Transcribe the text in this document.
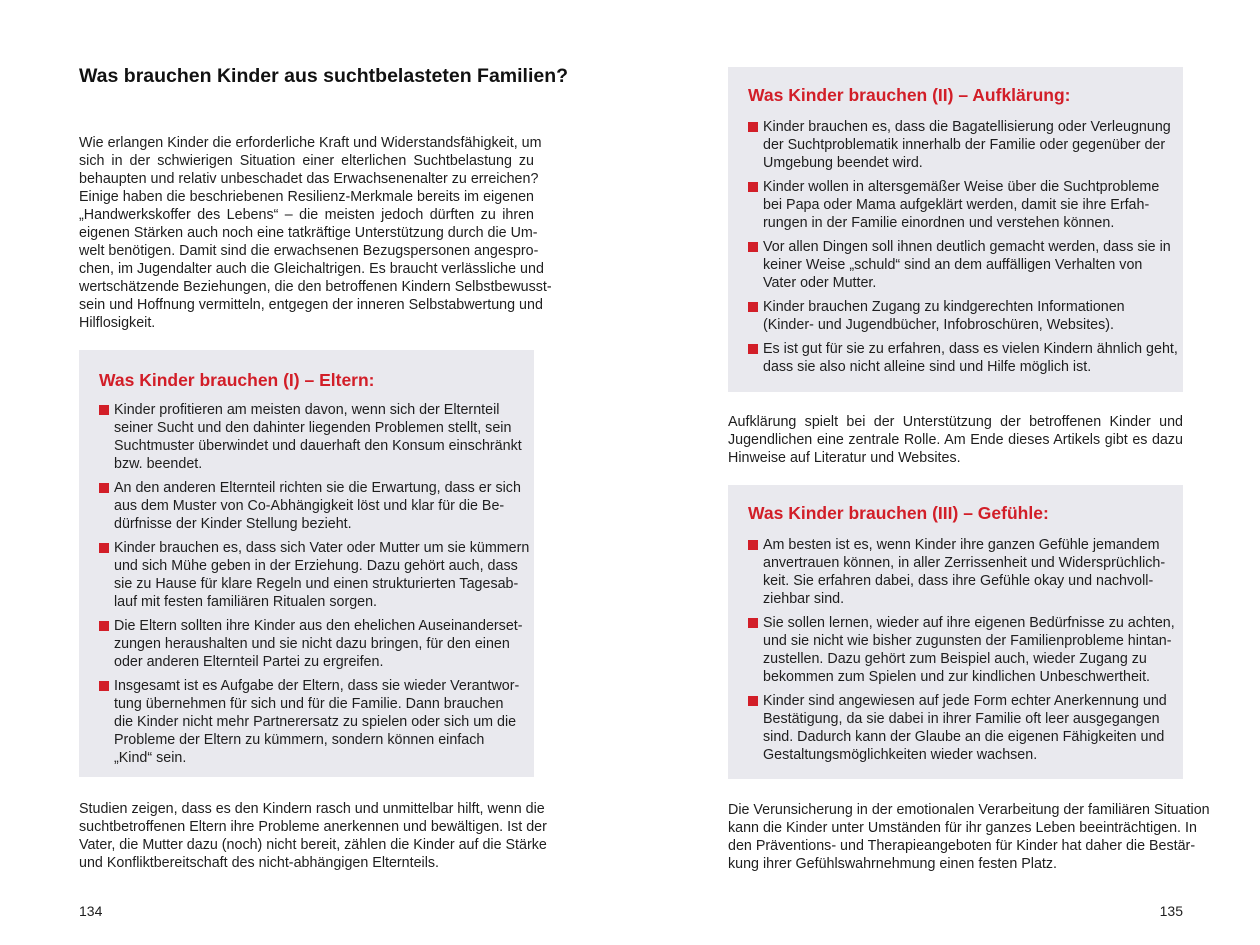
Was brauchen Kinder aus suchtbelasteten Familien?
Wie erlangen Kinder die erforderliche Kraft und Widerstandsfähigkeit, um
sich in der schwierigen Situation einer elterlichen Suchtbelastung zu
behaupten und relativ unbeschadet das Erwachsenenalter zu erreichen?
Einige haben die beschriebenen Resilienz-Merkmale bereits im eigenen
„Handwerkskoffer des Lebens“ – die meisten jedoch dürften zu ihren
eigenen Stärken auch noch eine tatkräftige Unterstützung durch die Um-
welt benötigen. Damit sind die erwachsenen Bezugspersonen angespro-
chen, im Jugendalter auch die Gleichaltrigen. Es braucht verlässliche und
wertschätzende Beziehungen, die den betroffenen Kindern Selbstbewusst-
sein und Hoffnung vermitteln, entgegen der inneren Selbstabwertung und
Hilflosigkeit.
Was Kinder brauchen (I) – Eltern:
Kinder profitieren am meisten davon, wenn sich der Elternteil
seiner Sucht und den dahinter liegenden Problemen stellt, sein
Suchtmuster überwindet und dauerhaft den Konsum einschränkt
bzw. beendet.
An den anderen Elternteil richten sie die Erwartung, dass er sich
aus dem Muster von Co-Abhängigkeit löst und klar für die Be-
dürfnisse der Kinder Stellung bezieht.
Kinder brauchen es, dass sich Vater oder Mutter um sie kümmern
und sich Mühe geben in der Erziehung. Dazu gehört auch, dass
sie zu Hause für klare Regeln und einen strukturierten Tagesab-
lauf mit festen familiären Ritualen sorgen.
Die Eltern sollten ihre Kinder aus den ehelichen Auseinanderset-
zungen heraushalten und sie nicht dazu bringen, für den einen
oder anderen Elternteil Partei zu ergreifen.
Insgesamt ist es Aufgabe der Eltern, dass sie wieder Verantwor-
tung übernehmen für sich und für die Familie. Dann brauchen
die Kinder nicht mehr Partnerersatz zu spielen oder sich um die
Probleme der Eltern zu kümmern, sondern können einfach
„Kind“ sein.
Studien zeigen, dass es den Kindern rasch und unmittelbar hilft, wenn die
suchtbetroffenen Eltern ihre Probleme anerkennen und bewältigen. Ist der
Vater, die Mutter dazu (noch) nicht bereit, zählen die Kinder auf die Stärke
und Konfliktbereitschaft des nicht-abhängigen Elternteils.
134
Was Kinder brauchen (II) – Aufklärung:
Kinder brauchen es, dass die Bagatellisierung oder Verleugnung
der Suchtproblematik innerhalb der Familie oder gegenüber der
Umgebung beendet wird.
Kinder wollen in altersgemäßer Weise über die Suchtprobleme
bei Papa oder Mama aufgeklärt werden, damit sie ihre Erfah-
rungen in der Familie einordnen und verstehen können.
Vor allen Dingen soll ihnen deutlich gemacht werden, dass sie in
keiner Weise „schuld“ sind an dem auffälligen Verhalten von
Vater oder Mutter.
Kinder brauchen Zugang zu kindgerechten Informationen
(Kinder- und Jugendbücher, Infobroschüren, Websites).
Es ist gut für sie zu erfahren, dass es vielen Kindern ähnlich geht,
dass sie also nicht alleine sind und Hilfe möglich ist.
Aufklärung spielt bei der Unterstützung der betroffenen Kinder und
Jugendlichen eine zentrale Rolle. Am Ende dieses Artikels gibt es dazu
Hinweise auf Literatur und Websites.
Was Kinder brauchen (III) – Gefühle:
Am besten ist es, wenn Kinder ihre ganzen Gefühle jemandem
anvertrauen können, in aller Zerrissenheit und Widersprüchlich-
keit. Sie erfahren dabei, dass ihre Gefühle okay und nachvoll-
ziehbar sind.
Sie sollen lernen, wieder auf ihre eigenen Bedürfnisse zu achten,
und sie nicht wie bisher zugunsten der Familienprobleme hintan-
zustellen. Dazu gehört zum Beispiel auch, wieder Zugang zu
bekommen zum Spielen und zur kindlichen Unbeschwertheit.
Kinder sind angewiesen auf jede Form echter Anerkennung und
Bestätigung, da sie dabei in ihrer Familie oft leer ausgegangen
sind. Dadurch kann der Glaube an die eigenen Fähigkeiten und
Gestaltungsmöglichkeiten wieder wachsen.
Die Verunsicherung in der emotionalen Verarbeitung der familiären Situation
kann die Kinder unter Umständen für ihr ganzes Leben beeinträchtigen. In
den Präventions- und Therapieangeboten für Kinder hat daher die Bestär-
kung ihrer Gefühlswahrnehmung einen festen Platz.
135
